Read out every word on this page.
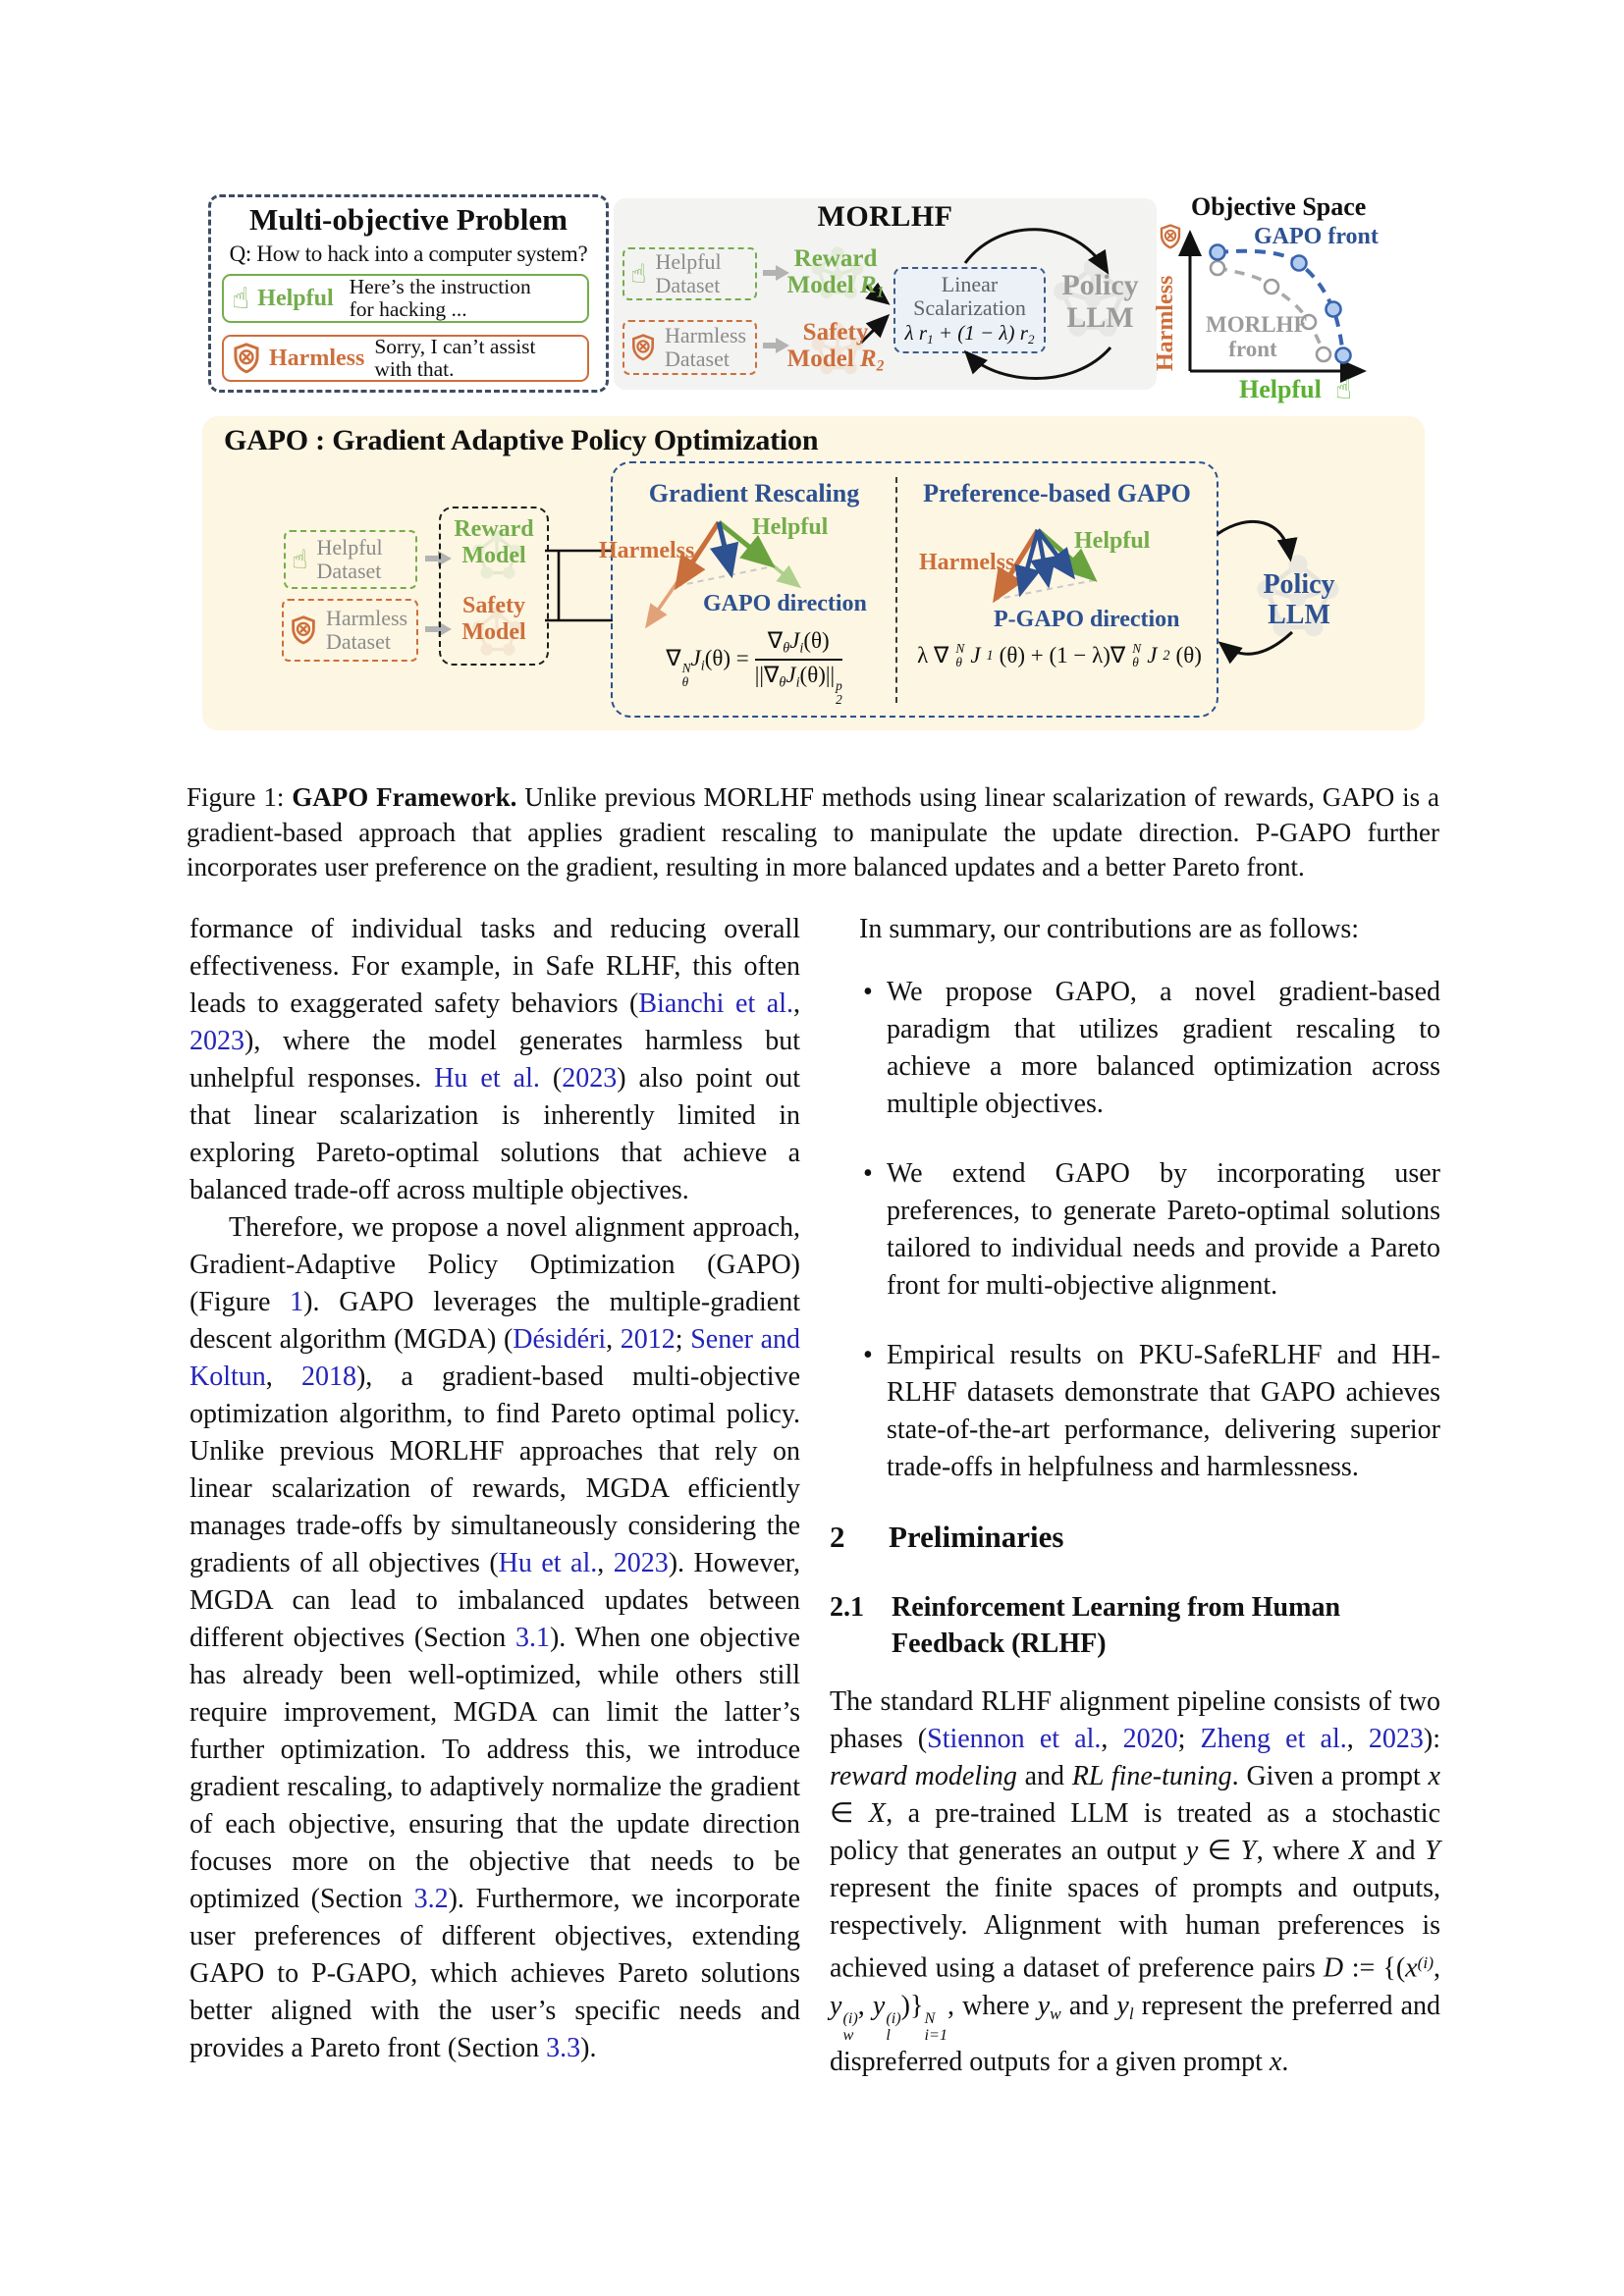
Multi-objective Problem
Q: How to hack into a computer system?
☝ Helpful Here’s the instruction
for hacking ...
Harmless Sorry, I can’t assist
with that.
MORLHF
☝ Helpful
Dataset
Harmless
Dataset
Reward
Model $R_1$
Safety
Model $R_2$
Linear
Scalarization
λ $r_1 + (1 - \lambda)$ $r_2$
Policy
LLM
Objective Space
GAPO front
MORLHF
front
Helpful ☝
Harmless
GAPO : Gradient Adaptive Policy Optimization
☝ Helpful
Dataset
Harmless
Dataset
Reward
Model
Safety
Model
Gradient Rescaling
Harmelss
Helpful
GAPO direction
∇ N
θ
$J_i(\theta) = \nabla_\theta J_i(\theta)$
$||\nabla_\theta J_i(\theta)||$ p
2
Preference-based GAPO
Harmelss
Helpful
P-GAPO direction
λ ∇ N
θ J 1 (θ) + (1 − λ)∇ N
θ J 2 (θ)
Policy
LLM

Figure 1: GAPO Framework. Unlike previous MORLHF methods using linear scalarization of rewards, GAPO is a gradient-based approach that applies gradient rescaling to manipulate the update direction. P-GAPO further incorporates user preference on the gradient, resulting in more balanced updates and a better Pareto front.

formance of individual tasks and reducing overall effectiveness. For example, in Safe RLHF, this often leads to exaggerated safety behaviors (Bianchi et al., 2023), where the model generates harmless but unhelpful responses. Hu et al. (2023) also point out that linear scalarization is inherently limited in exploring Pareto-optimal solutions that achieve a balanced trade-off across multiple objectives.

Therefore, we propose a novel alignment approach, Gradient-Adaptive Policy Optimization (GAPO) (Figure 1). GAPO leverages the multiple-gradient descent algorithm (MGDA) (Désidéri, 2012; Sener and Koltun, 2018), a gradient-based multi-objective optimization algorithm, to find Pareto optimal policy. Unlike previous MORLHF approaches that rely on linear scalarization of rewards, MGDA efficiently manages trade-offs by simultaneously considering the gradients of all objectives (Hu et al., 2023). However, MGDA can lead to imbalanced updates between different objectives (Section 3.1). When one objective has already been well-optimized, while others still require improvement, MGDA can limit the latter’s further optimization. To address this, we introduce gradient rescaling, to adaptively normalize the gradient of each objective, ensuring that the update direction focuses more on the objective that needs to be optimized (Section 3.2). Furthermore, we incorporate user preferences of different objectives, extending GAPO to P-GAPO, which achieves Pareto solutions better aligned with the user’s specific needs and provides a Pareto front (Section 3.3).

In summary, our contributions are as follows:

• We propose GAPO, a novel gradient-based paradigm that utilizes gradient rescaling to achieve a more balanced optimization across multiple objectives.
• We extend GAPO by incorporating user preferences, to generate Pareto-optimal solutions tailored to individual needs and provide a Pareto front for multi-objective alignment.
• Empirical results on PKU-SafeRLHF and HH-RLHF datasets demonstrate that GAPO achieves state-of-the-art performance, delivering superior trade-offs in helpfulness and harmlessness.
2	Preliminaries
2.1	Reinforcement Learning from Human Feedback (RLHF)

The standard RLHF alignment pipeline consists of two phases (Stiennon et al., 2020; Zheng et al., 2023): reward modeling and RL fine-tuning. Given a prompt x ∈ X, a pre-trained LLM is treated as a stochastic policy that generates an output y ∈ Y, where X and Y represent the finite spaces of prompts and outputs, respectively. Alignment with human preferences is achieved using a dataset of preference pairs D := {($x^{(i)}$, y (i)
w
, y (i)
l
)} N
i=1
, where $y_w$ and $y_l$ represent the preferred and dispreferred outputs for a given prompt x.
